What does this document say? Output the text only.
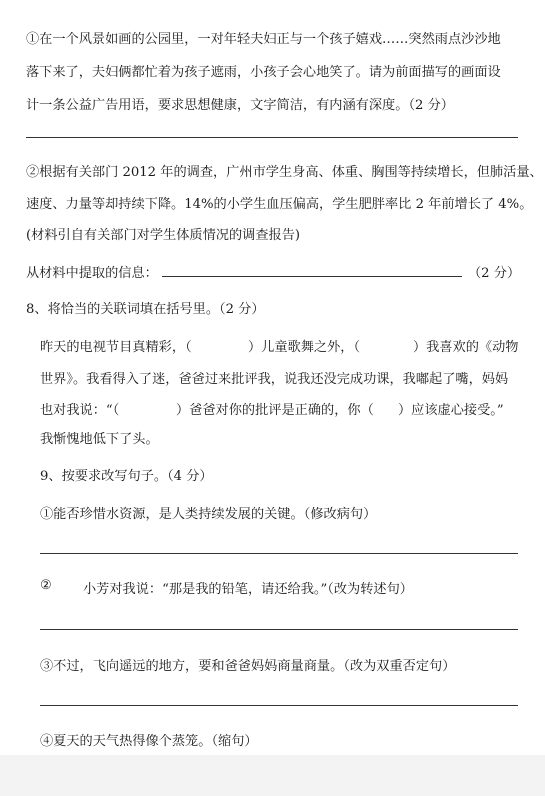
①在一个风景如画的公园里，一对年轻夫妇正与一个孩子嬉戏……突然雨点沙沙地
落下来了，夫妇俩都忙着为孩子遮雨，小孩子会心地笑了。请为前面描写的画面设
计一条公益广告用语，要求思想健康，文字简洁，有内涵有深度。（2 分）
②根据有关部门 2012 年的调查，广州市学生身高、体重、胸围等持续增长，但肺活量、
速度、力量等却持续下降。14%的小学生血压偏高，学生肥胖率比 2 年前增长了 4%。
(材料引自有关部门对学生体质情况的调查报告)
从材料中提取的信息：	（2 分）
8、将恰当的关联词填在括号里。（2 分）
昨天的电视节目真精彩，（	）儿童歌舞之外，（	）我喜欢的《动物
世界》。我看得入了迷，爸爸过来批评我，说我还没完成功课，我嘟起了嘴，妈妈
也对我说：“（	）爸爸对你的批评是正确的，你（ ）应该虚心接受。”
我惭愧地低下了头。
9、按要求改写句子。（4 分）
①能否珍惜水资源，是人类持续发展的关键。（修改病句）
② 小芳对我说：“那是我的铅笔，请还给我。”（改为转述句）
③不过，飞向遥远的地方，要和爸爸妈妈商量商量。（改为双重否定句）
④夏天的天气热得像个蒸笼。（缩句）
